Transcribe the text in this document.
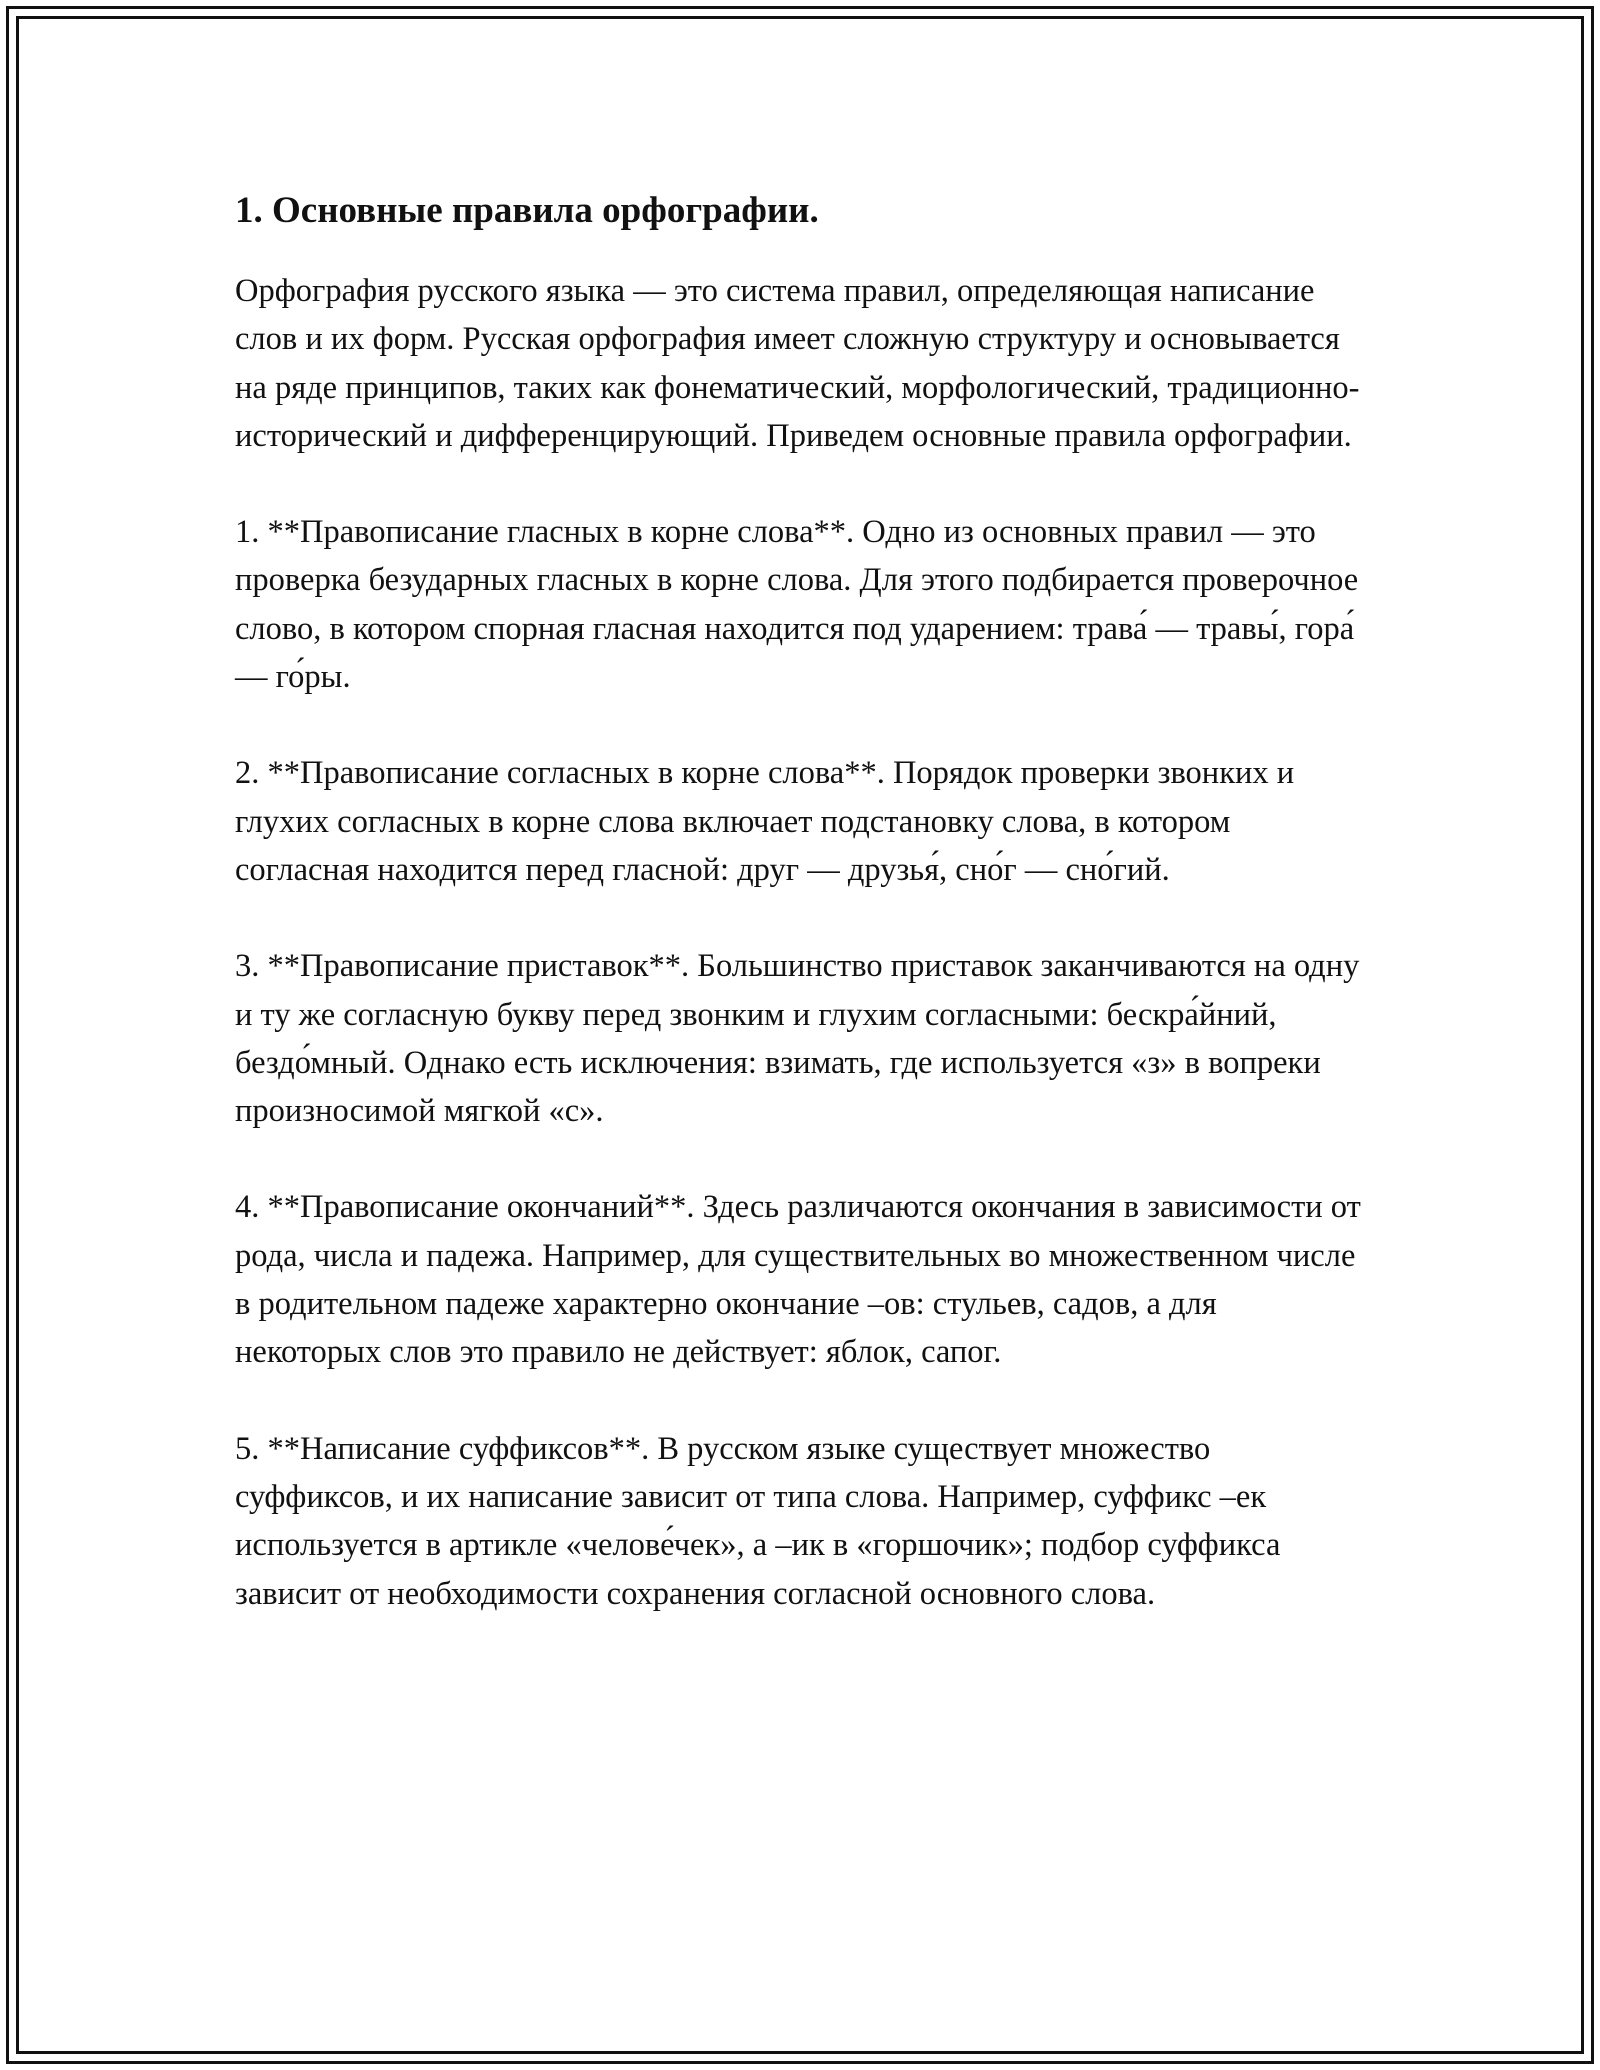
1. Основные правила орфографии.

Орфография русского языка — это система правил, определяющая написание слов и их форм. Русская орфография имеет сложную структуру и основывается на ряде принципов, таких как фонематический, морфологический, традиционно-исторический и дифференцирующий. Приведем основные правила орфографии.

1. **Правописание гласных в корне слова**. Одно из основных правил — это проверка безударных гласных в корне слова. Для этого подбирается проверочное слово, в котором спорная гласная находится под ударением: трава́ — травы́, гора́ — го́ры.

2. **Правописание согласных в корне слова**. Порядок проверки звонких и глухих согласных в корне слова включает подстановку слова, в котором согласная находится перед гласной: друг — друзья́, сно́г — сно́гий.

3. **Правописание приставок**. Большинство приставок заканчиваются на одну и ту же согласную букву перед звонким и глухим согласными: бескра́йний, бездо́мный. Однако есть исключения: взимать, где используется «з» в вопреки произносимой мягкой «с».

4. **Правописание окончаний**. Здесь различаются окончания в зависимости от рода, числа и падежа. Например, для существительных во множественном числе в родительном падеже характерно окончание –ов: стульев, садов, а для некоторых слов это правило не действует: яблок, сапог.

5. **Написание суффиксов**. В русском языке существует множество суффиксов, и их написание зависит от типа слова. Например, суффикс –ек используется в артикле «челове́чек», а –ик в «горшочик»; подбор суффикса зависит от необходимости сохранения согласной основного слова.
